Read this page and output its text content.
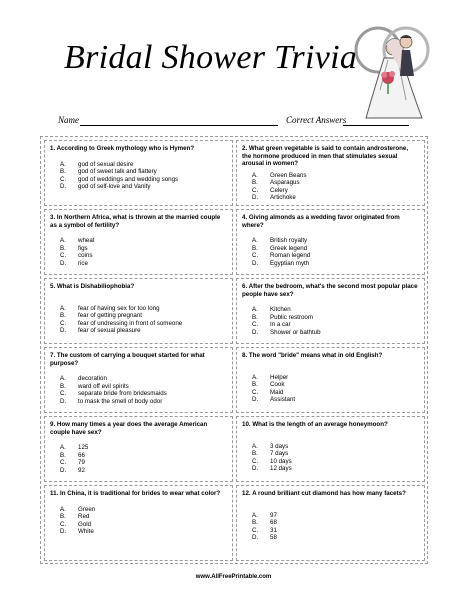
Bridal Shower Trivia
Name	Correct Answers
1. According to Greek mythology who is Hymen?
A.	god of sexual desire
B.	god of sweet talk and flattery
C.	god of weddings and wedding songs
D.	god of self-love and Vanity
2. What green vegetable is said to contain androsterone, the hormone produced in men that stimulates sexual arousal in women?
A.	Green Beans
B.	Asparagus
C.	Celery
D.	Artichoke
3. In Northern Africa, what is thrown at the married couple as a symbol of fertility?
A.	wheat
B.	figs
C.	coins
D.	rice
4. Giving almonds as a wedding favor originated from where?
A.	British royalty
B.	Greek legend
C.	Roman legend
D.	Egyptian myth
5. What is Dishabiliophobia?
A.	fear of having sex for too long
B.	fear of getting pregnant
C.	fear of undressing in front of someone
D.	fear of sexual pleasure
6. After the bedroom, what's the second most popular place people have sex?
A.	Kitchen
B.	Public restroom
C.	In a car
D.	Shower or bathtub
7. The custom of carrying a bouquet started for what purpose?
A.	decoration
B.	ward off evil spirits
C.	separate bride from bridesmaids
D.	to mask the smell of body odor
8. The word "bride" means what in old English?
A.	Helper
B.	Cook
C.	Maid
D.	Assistant
9. How many times a year does the average American couple have sex?
A.	125
B.	66
C.	79
D.	92
10. What is the length of an average honeymoon?
A.	3 days
B.	7 days
C.	10 days
D.	12 days
11. In China, it is traditional for brides to wear what color?
A.	Green
B.	Red
C.	Gold
D.	White
12. A round brilliant cut diamond has how many facets?
A.	97
B.	68
C.	31
D.	58
www.AllFreePrintable.com
